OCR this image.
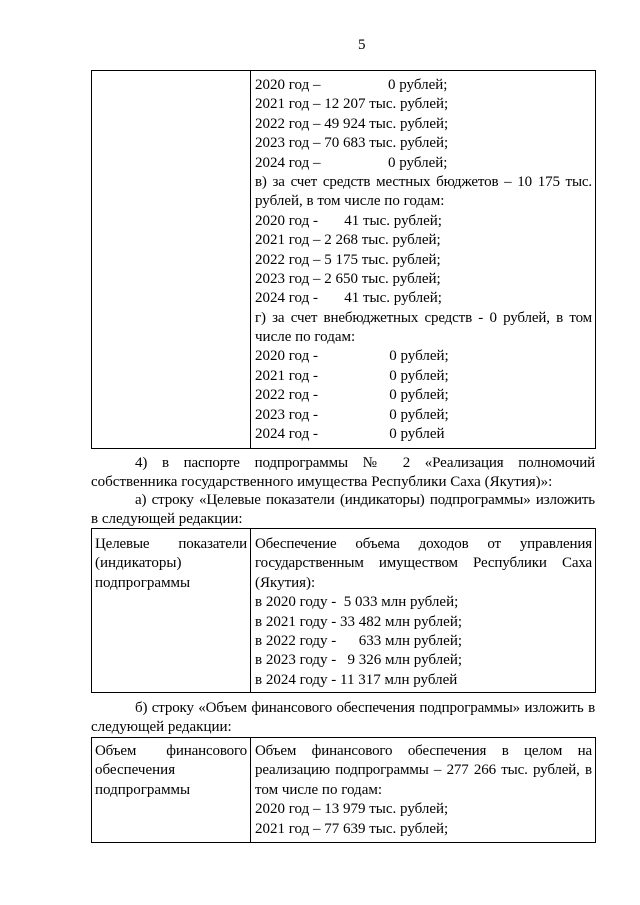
5
2020 год –                  0 рублей;
2021 год – 12 207 тыс. рублей;
2022 год – 49 924 тыс. рублей;
2023 год – 70 683 тыс. рублей;
2024 год –                  0 рублей;
в) за счет средств местных бюджетов – 10 175 тыс.
рублей, в том числе по годам:
2020 год -       41 тыс. рублей;
2021 год – 2 268 тыс. рублей;
2022 год – 5 175 тыс. рублей;
2023 год – 2 650 тыс. рублей;
2024 год -       41 тыс. рублей;
г) за счет внебюджетных средств - 0 рублей, в том
числе по годам:
2020 год -                   0 рублей;
2021 год -                   0 рублей;
2022 год -                   0 рублей;
2023 год -                   0 рублей;
2024 год -                   0 рублей
4) в паспорте подпрограммы № 2 «Реализация полномочий
собственника государственного имущества Республики Саха (Якутия)»:
а) строку «Целевые показатели (индикаторы) подпрограммы» изложить
в следующей редакции:
Целевые показатели
(индикаторы)
подпрограммы
Обеспечение объема доходов от управления
государственным имуществом Республики Саха
(Якутия):
в 2020 году -  5 033 млн рублей;
в 2021 году - 33 482 млн рублей;
в 2022 году -      633 млн рублей;
в 2023 году -   9 326 млн рублей;
в 2024 году - 11 317 млн рублей
б) строку «Объем финансового обеспечения подпрограммы» изложить в
следующей редакции:
Объем финансового
обеспечения
подпрограммы
Объем финансового обеспечения в целом на
реализацию подпрограммы – 277 266 тыс. рублей, в
том числе по годам:
2020 год – 13 979 тыс. рублей;
2021 год – 77 639 тыс. рублей;
